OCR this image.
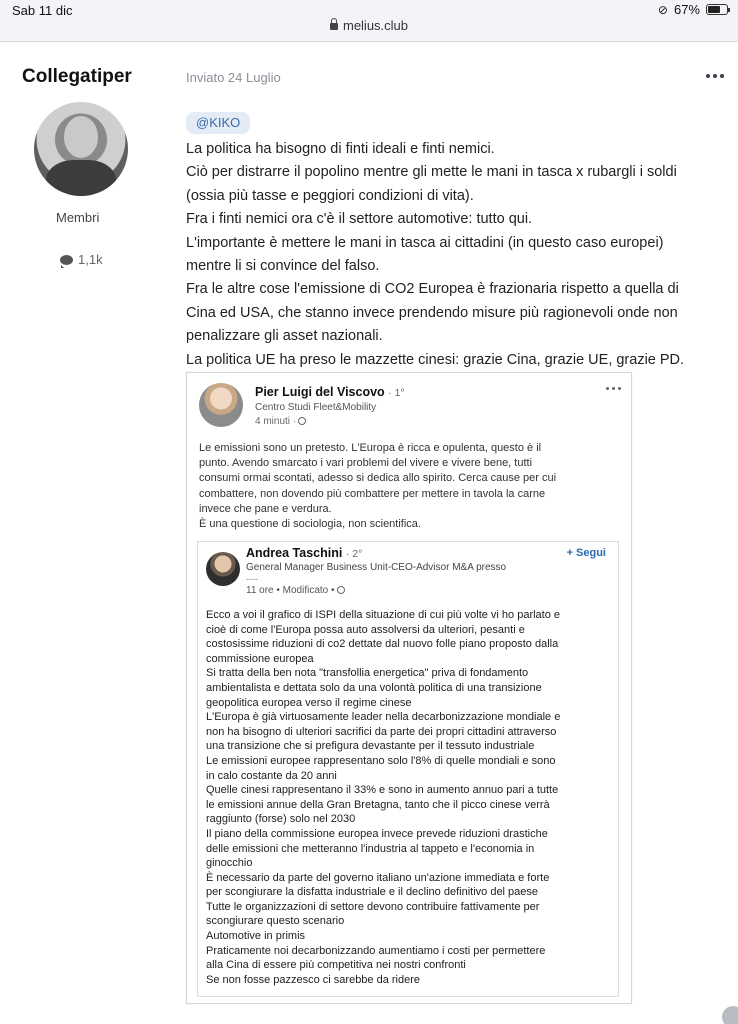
Sab 11 dic	⊘ 67%
melius.club
Collegatiper
Membri
1,1k
Inviato 24 Luglio
@KIKO

La politica ha bisogno di finti ideali e finti nemici.

Ciò per distrarre il popolino mentre gli mette le mani in tasca x rubargli i soldi

(ossia più tasse e peggiori condizioni di vita).

Fra i finti nemici ora c'è il settore automotive: tutto qui.

L'importante è mettere le mani in tasca ai cittadini (in questo caso europei)

mentre li si convince del falso.

Fra le altre cose l'emissione di CO2 Europea è frazionaria rispetto a quella di

Cina ed USA, che stanno invece prendendo misure più ragionevoli onde non

penalizzare gli asset nazionali.

La politica UE ha preso le mazzette cinesi: grazie Cina, grazie UE, grazie PD.

Pier Luigi del Viscovo · 1°
Centro Studi Fleet&Mobility
4 minuti ·

Le emissioni sono un pretesto. L'Europa è ricca e opulenta, questo è il

punto. Avendo smarcato i vari problemi del vivere e vivere bene, tutti

consumi ormai scontati, adesso si dedica allo spirito. Cerca cause per cui

combattere, non dovendo più combattere per mettere in tavola la carne

invece che pane e verdura.

È una questione di sociologia, non scientifica.

Andrea Taschini · 2°	+ Segui
General Manager Business Unit-CEO-Advisor M&A presso
----
11 ore • Modificato •

Ecco a voi il grafico di ISPI della situazione di cui più volte vi ho parlato e

cioè di come l'Europa possa auto assolversi da ulteriori, pesanti e

costosissime riduzioni di co2 dettate dal nuovo folle piano proposto dalla

commissione europea

Si tratta della ben nota "transfollia energetica" priva di fondamento

ambientalista e dettata solo da una volontà politica di una transizione

geopolitica europea verso il regime cinese

L'Europa è già virtuosamente leader nella decarbonizzazione mondiale e

non ha bisogno di ulteriori sacrifici da parte dei propri cittadini attraverso

una transizione che si prefigura devastante per il tessuto industriale

Le emissioni europee rappresentano solo l'8% di quelle mondiali e sono

in calo costante da 20 anni

Quelle cinesi rappresentano il 33% e sono in aumento annuo pari a tutte

le emissioni annue della Gran Bretagna, tanto che il picco cinese verrà

raggiunto (forse) solo nel 2030

Il piano della commissione europea invece prevede riduzioni drastiche

delle emissioni che metteranno l'industria al tappeto e l'economia in

ginocchio

È necessario da parte del governo italiano un'azione immediata e forte

per scongiurare la disfatta industriale e il declino definitivo del paese

Tutte le organizzazioni di settore devono contribuire fattivamente per

scongiurare questo scenario

Automotive in primis

Praticamente noi decarbonizzando aumentiamo i costi per permettere

alla Cina di essere più competitiva nei nostri confronti

Se non fosse pazzesco ci sarebbe da ridere
